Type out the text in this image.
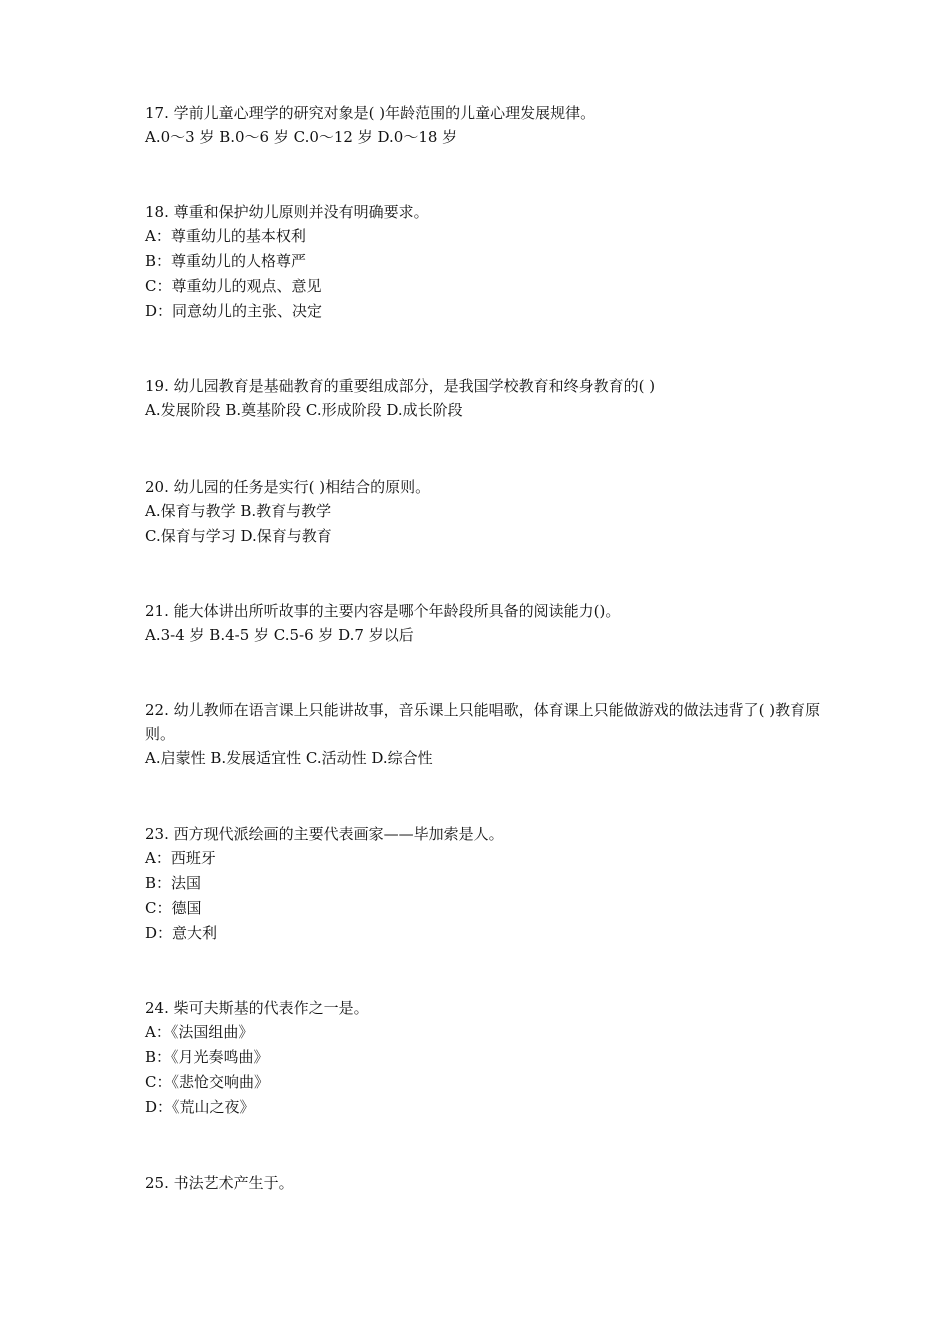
17. 学前儿童心理学的研究对象是( )年龄范围的儿童心理发展规律。
A.0～3 岁 B.0～6 岁 C.0～12 岁 D.0～18 岁
18. 尊重和保护幼儿原则并没有明确要求。
A：尊重幼儿的基本权利
B：尊重幼儿的人格尊严
C：尊重幼儿的观点、意见
D：同意幼儿的主张、决定
19. 幼儿园教育是基础教育的重要组成部分，是我国学校教育和终身教育的( )
A.发展阶段 B.奠基阶段 C.形成阶段 D.成长阶段
20. 幼儿园的任务是实行( )相结合的原则。
A.保育与教学 B.教育与教学
C.保育与学习 D.保育与教育
21. 能大体讲出所听故事的主要内容是哪个年龄段所具备的阅读能力()。
A.3-4 岁 B.4-5 岁 C.5-6 岁 D.7 岁以后
22. 幼儿教师在语言课上只能讲故事，音乐课上只能唱歌，体育课上只能做游戏的做法违背了( )教育原则。
A.启蒙性 B.发展适宜性 C.活动性 D.综合性
23. 西方现代派绘画的主要代表画家——毕加索是人。
A：西班牙
B：法国
C：德国
D：意大利
24. 柴可夫斯基的代表作之一是。
A：《法国组曲》
B：《月光奏鸣曲》
C：《悲怆交响曲》
D：《荒山之夜》
25. 书法艺术产生于。
